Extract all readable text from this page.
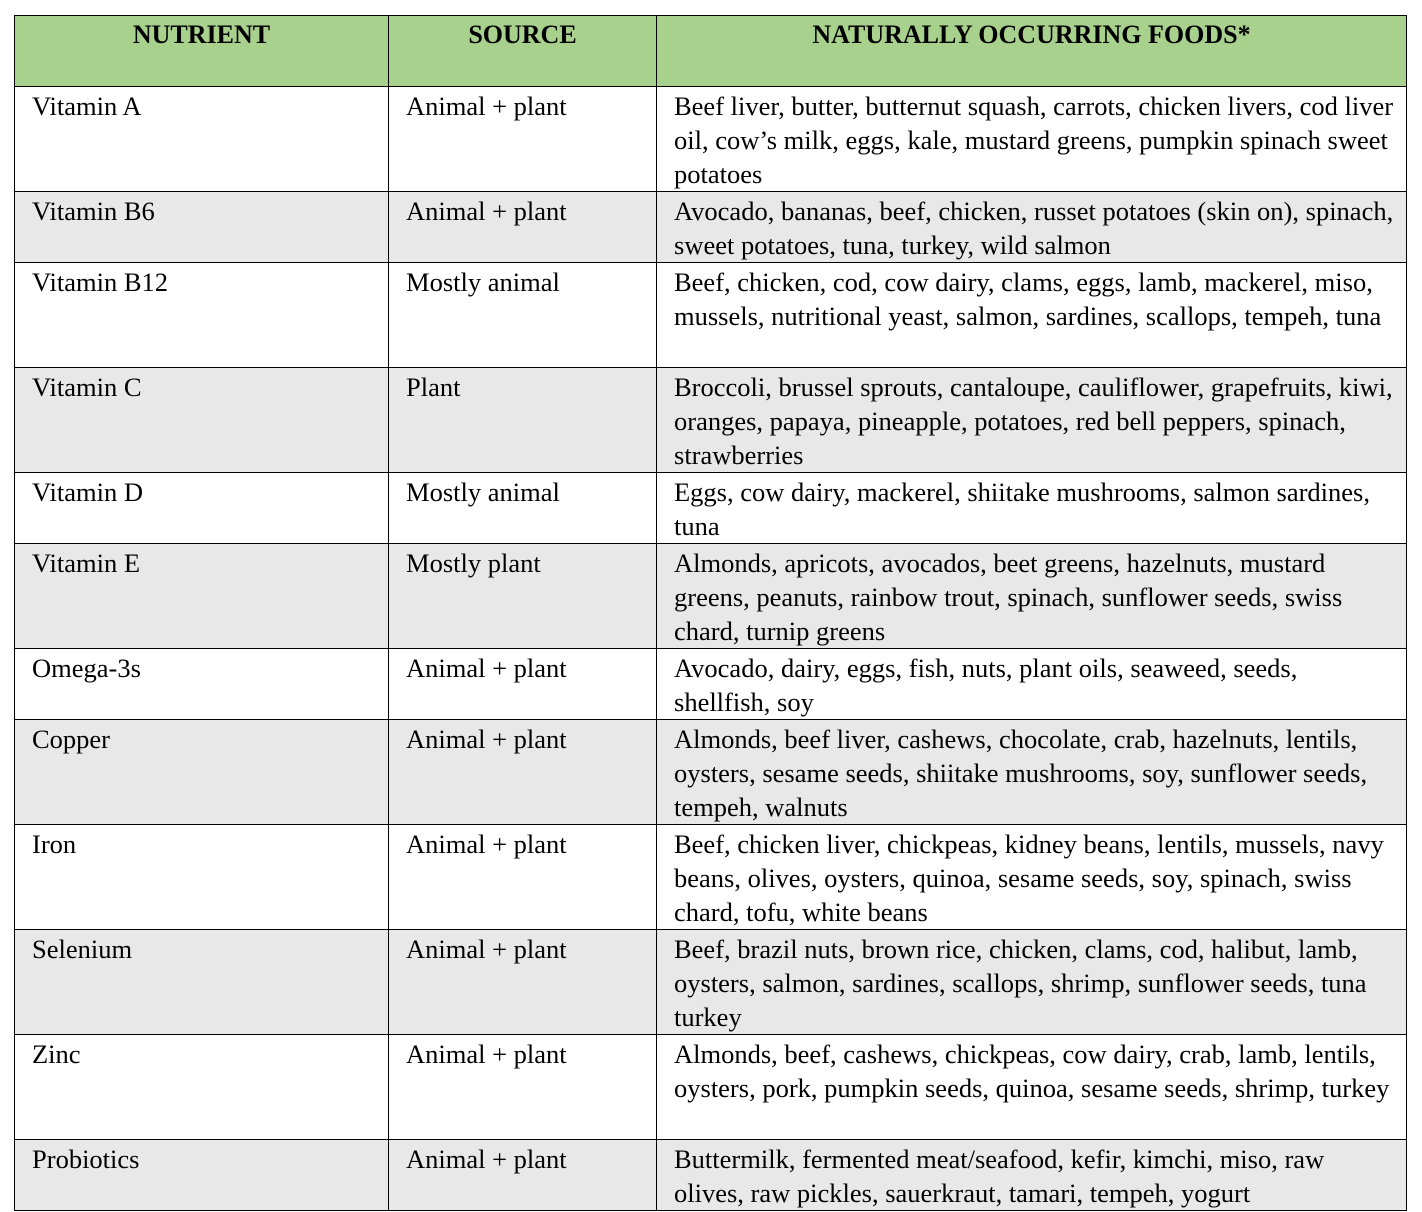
NUTRIENT	SOURCE	NATURALLY OCCURRING FOODS*
Vitamin A	Animal + plant	Beef liver, butter, butternut squash, carrots, chicken livers, cod liver oil, cow’s milk, eggs, kale, mustard greens, pumpkin spinach sweet potatoes
Vitamin B6	Animal + plant	Avocado, bananas, beef, chicken, russet potatoes (skin on), spinach, sweet potatoes, tuna, turkey, wild salmon
Vitamin B12	Mostly animal	Beef, chicken, cod, cow dairy, clams, eggs, lamb, mackerel, miso, mussels, nutritional yeast, salmon, sardines, scallops, tempeh, tuna
Vitamin C	Plant	Broccoli, brussel sprouts, cantaloupe, cauliflower, grapefruits, kiwi, oranges, papaya, pineapple, potatoes, red bell peppers, spinach, strawberries
Vitamin D	Mostly animal	Eggs, cow dairy, mackerel, shiitake mushrooms, salmon sardines, tuna
Vitamin E	Mostly plant	Almonds, apricots, avocados, beet greens, hazelnuts, mustard greens, peanuts, rainbow trout, spinach, sunflower seeds, swiss chard, turnip greens
Omega-3s	Animal + plant	Avocado, dairy, eggs, fish, nuts, plant oils, seaweed, seeds, shellfish, soy
Copper	Animal + plant	Almonds, beef liver, cashews, chocolate, crab, hazelnuts, lentils, oysters, sesame seeds, shiitake mushrooms, soy, sunflower seeds, tempeh, walnuts
Iron	Animal + plant	Beef, chicken liver, chickpeas, kidney beans, lentils, mussels, navy beans, olives, oysters, quinoa, sesame seeds, soy, spinach, swiss chard, tofu, white beans
Selenium	Animal + plant	Beef, brazil nuts, brown rice, chicken, clams, cod, halibut, lamb, oysters, salmon, sardines, scallops, shrimp, sunflower seeds, tuna turkey
Zinc	Animal + plant	Almonds, beef, cashews, chickpeas, cow dairy, crab, lamb, lentils, oysters, pork, pumpkin seeds, quinoa, sesame seeds, shrimp, turkey
Probiotics	Animal + plant	Buttermilk, fermented meat/seafood, kefir, kimchi, miso, raw olives, raw pickles, sauerkraut, tamari, tempeh, yogurt
